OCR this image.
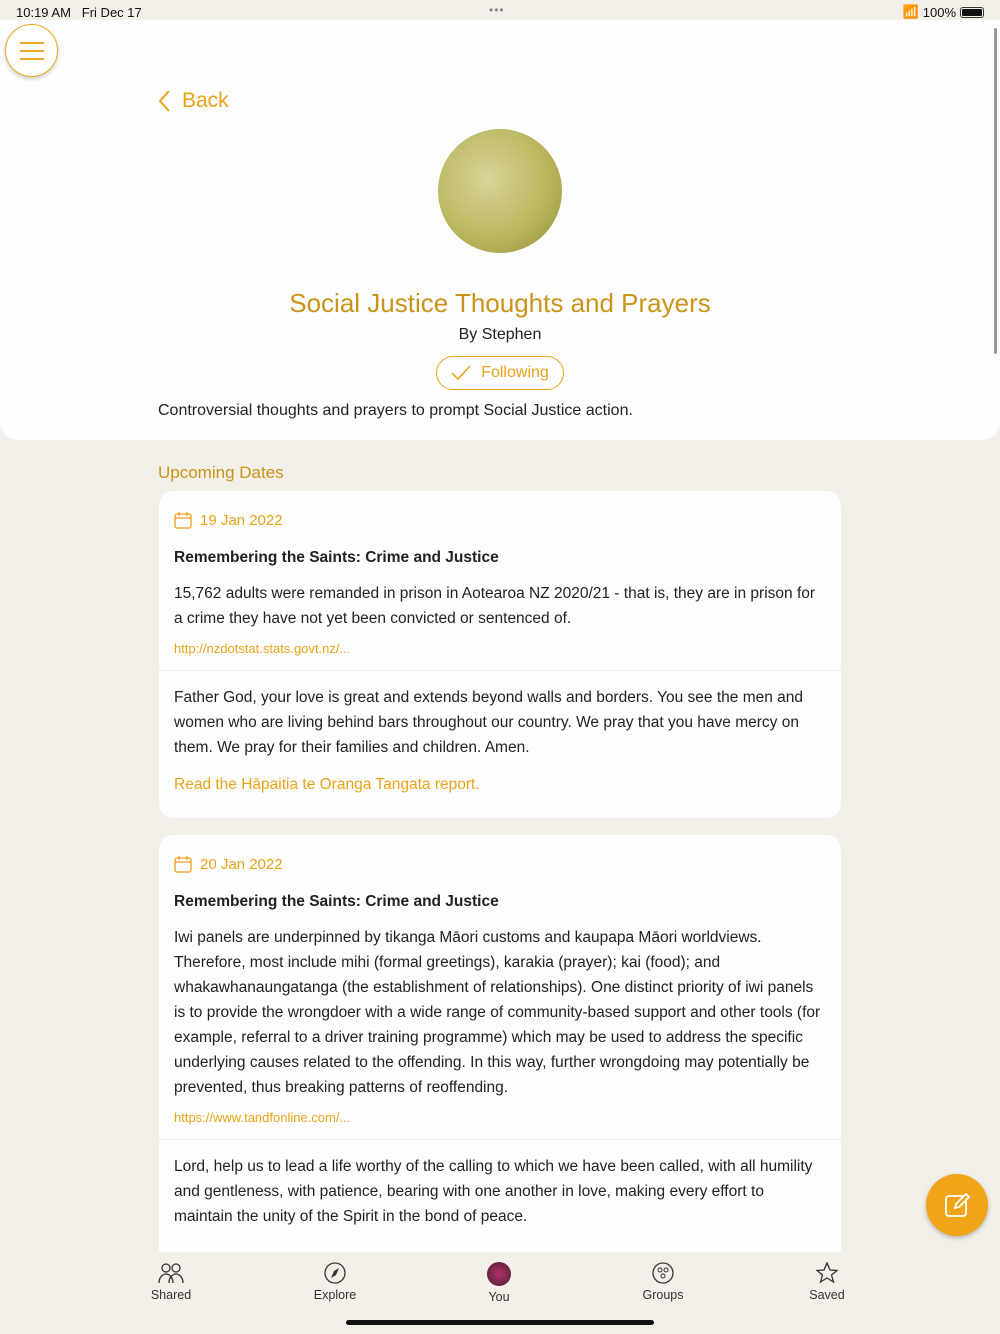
10:19 AM Fri Dec 17	•••	📶 100%
Back
Social Justice Thoughts and Prayers
By Stephen
Following
Controversial thoughts and prayers to prompt Social Justice action.
Upcoming Dates
19 Jan 2022
Remembering the Saints: Crime and Justice
15,762 adults were remanded in prison in Aotearoa NZ 2020/21 - that is, they are in prison for a crime they have not yet been convicted or sentenced of.
http://nzdotstat.stats.govt.nz/...
Father God, your love is great and extends beyond walls and borders. You see the men and women who are living behind bars throughout our country. We pray that you have mercy on them. We pray for their families and children. Amen.
Read the Hāpaitia te Oranga Tangata report.
20 Jan 2022
Remembering the Saints: Crime and Justice
Iwi panels are underpinned by tikanga Māori customs and kaupapa Māori worldviews. Therefore, most include mihi (formal greetings), karakia (prayer); kai (food); and whakawhanaungatanga (the establishment of relationships). One distinct priority of iwi panels is to provide the wrongdoer with a wide range of community-based support and other tools (for example, referral to a driver training programme) which may be used to address the specific underlying causes related to the offending. In this way, further wrongdoing may potentially be prevented, thus breaking patterns of reoffending.
https://www.tandfonline.com/...
Lord, help us to lead a life worthy of the calling to which we have been called, with all humility and gentleness, with patience, bearing with one another in love, making every effort to maintain the unity of the Spirit in the bond of peace.
Shared	Explore	You	Groups	Saved
